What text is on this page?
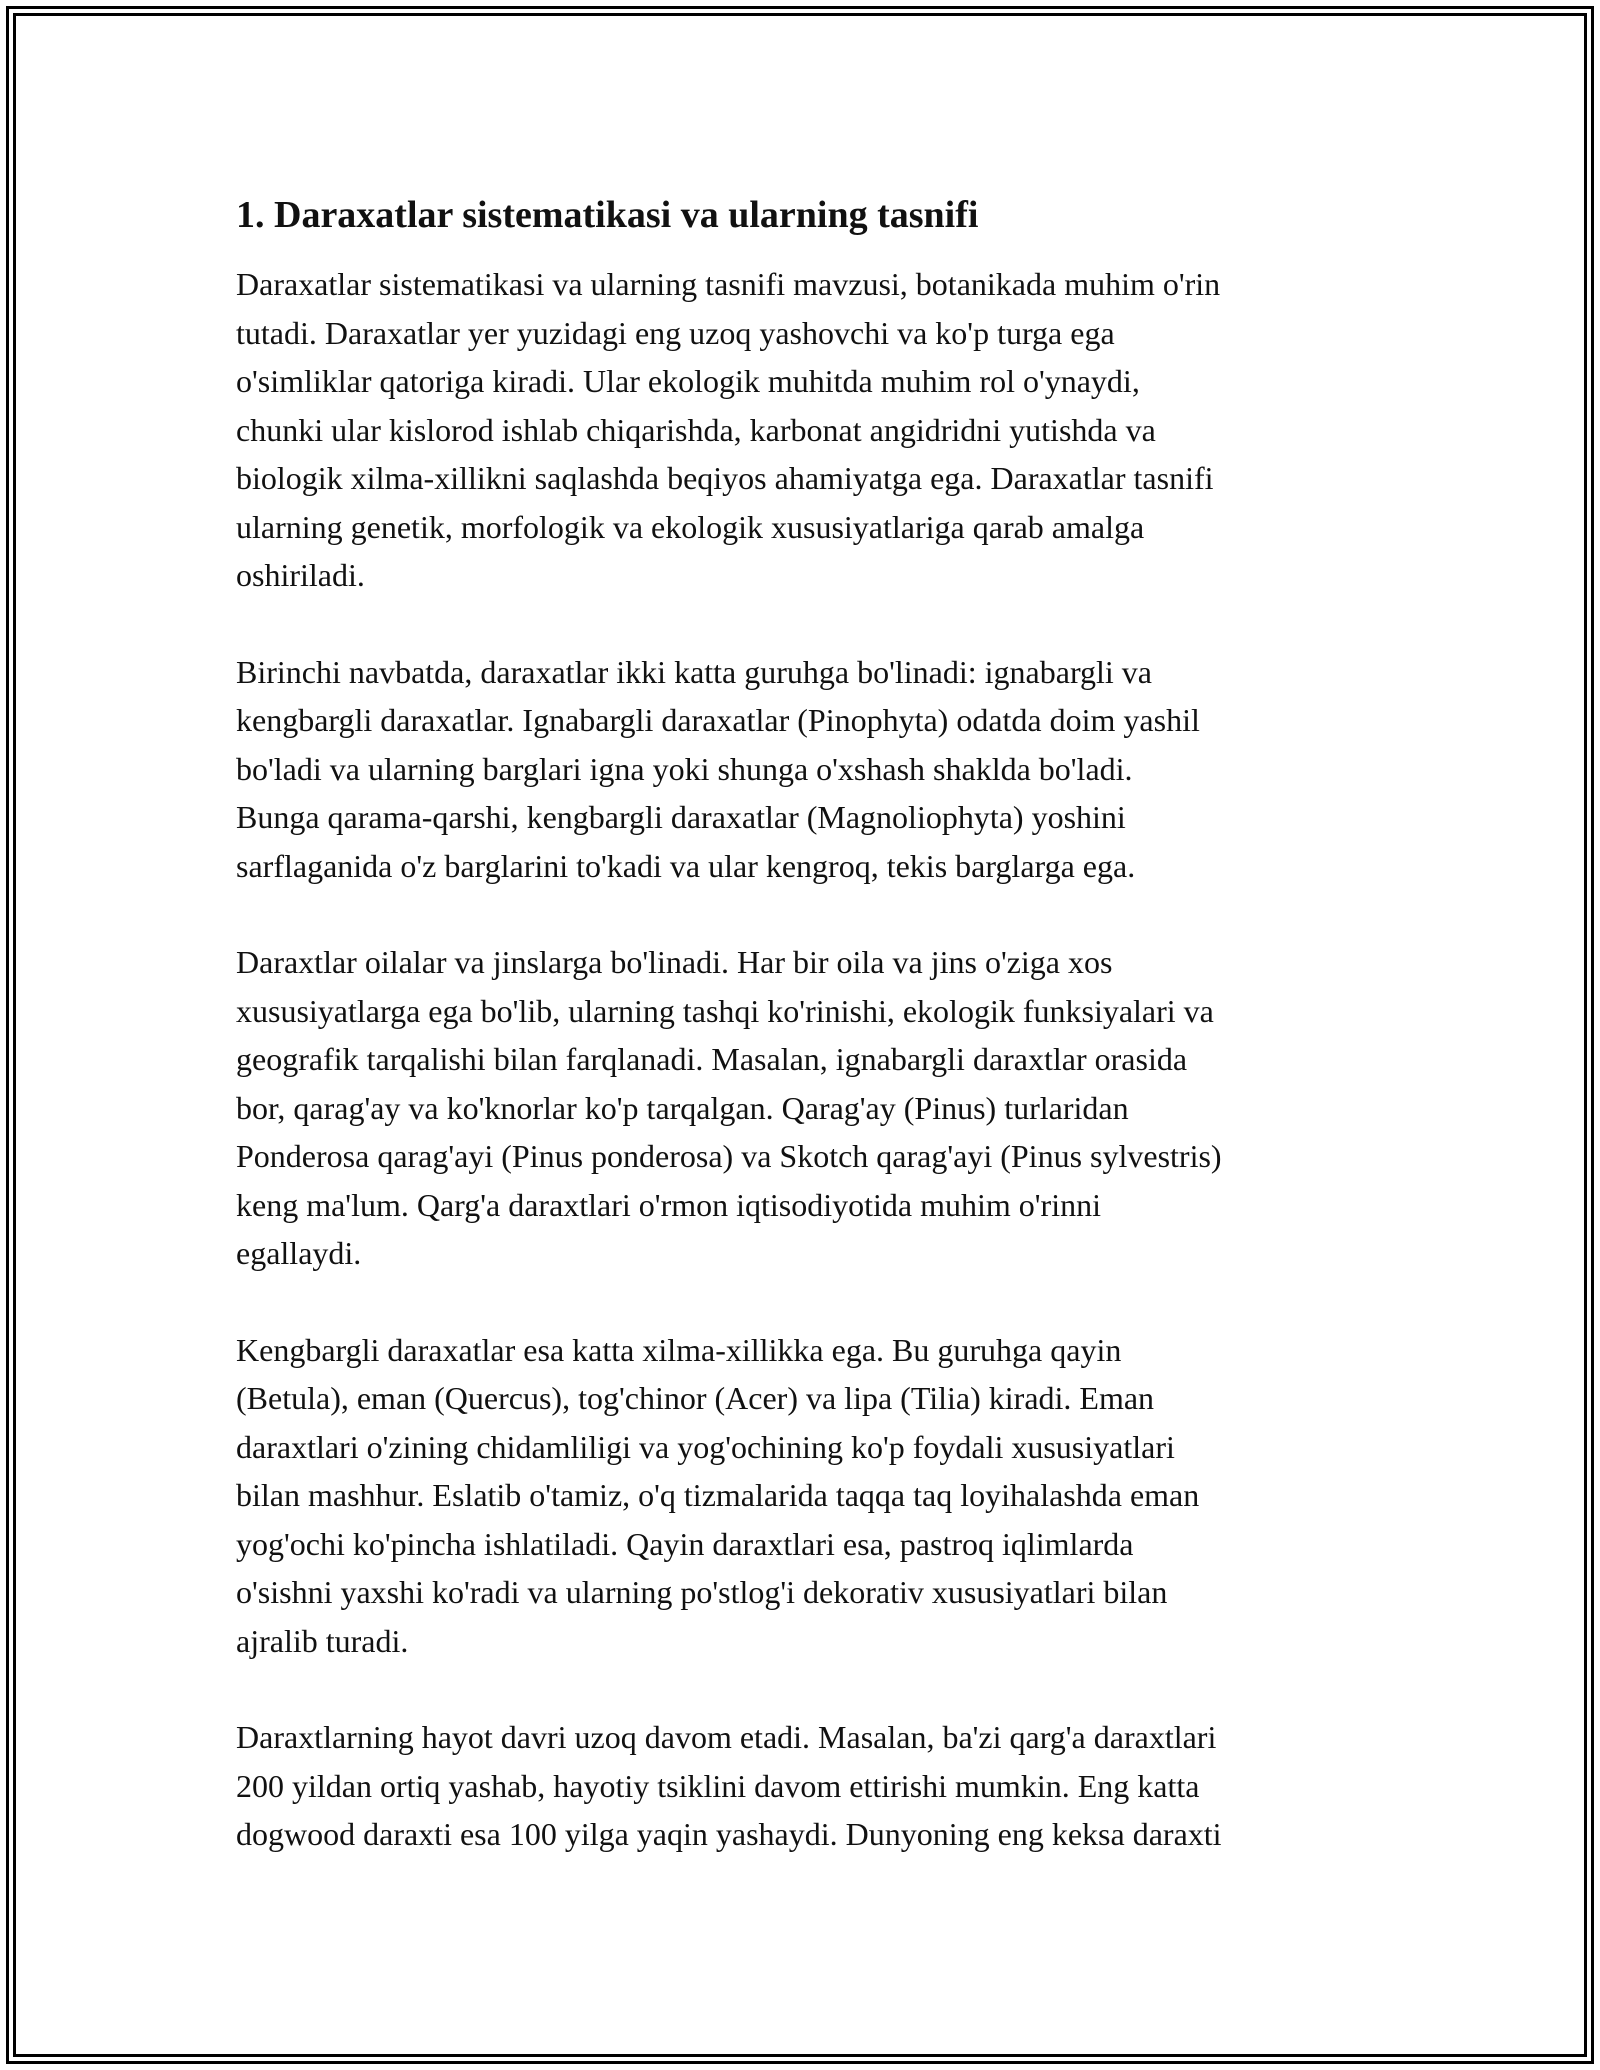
1. Daraxatlar sistematikasi va ularning tasnifi

Daraxatlar sistematikasi va ularning tasnifi mavzusi, botanikada muhim o'rin
tutadi. Daraxatlar yer yuzidagi eng uzoq yashovchi va ko'p turga ega
o'simliklar qatoriga kiradi. Ular ekologik muhitda muhim rol o'ynaydi,
chunki ular kislorod ishlab chiqarishda, karbonat angidridni yutishda va
biologik xilma-xillikni saqlashda beqiyos ahamiyatga ega. Daraxatlar tasnifi
ularning genetik, morfologik va ekologik xususiyatlariga qarab amalga
oshiriladi.

Birinchi navbatda, daraxatlar ikki katta guruhga bo'linadi: ignabargli va
kengbargli daraxatlar. Ignabargli daraxatlar (Pinophyta) odatda doim yashil
bo'ladi va ularning barglari igna yoki shunga o'xshash shaklda bo'ladi.
Bunga qarama-qarshi, kengbargli daraxatlar (Magnoliophyta) yoshini
sarflaganida o'z barglarini to'kadi va ular kengroq, tekis barglarga ega.

Daraxtlar oilalar va jinslarga bo'linadi. Har bir oila va jins o'ziga xos
xususiyatlarga ega bo'lib, ularning tashqi ko'rinishi, ekologik funksiyalari va
geografik tarqalishi bilan farqlanadi. Masalan, ignabargli daraxtlar orasida
bor, qarag'ay va ko'knorlar ko'p tarqalgan. Qarag'ay (Pinus) turlaridan
Ponderosa qarag'ayi (Pinus ponderosa) va Skotch qarag'ayi (Pinus sylvestris)
keng ma'lum. Qarg'a daraxtlari o'rmon iqtisodiyotida muhim o'rinni
egallaydi.

Kengbargli daraxatlar esa katta xilma-xillikka ega. Bu guruhga qayin
(Betula), eman (Quercus), tog'chinor (Acer) va lipa (Tilia) kiradi. Eman
daraxtlari o'zining chidamliligi va yog'ochining ko'p foydali xususiyatlari
bilan mashhur. Eslatib o'tamiz, o'q tizmalarida taqqa taq loyihalashda eman
yog'ochi ko'pincha ishlatiladi. Qayin daraxtlari esa, pastroq iqlimlarda
o'sishni yaxshi ko'radi va ularning po'stlog'i dekorativ xususiyatlari bilan
ajralib turadi.

Daraxtlarning hayot davri uzoq davom etadi. Masalan, ba'zi qarg'a daraxtlari
200 yildan ortiq yashab, hayotiy tsiklini davom ettirishi mumkin. Eng katta
dogwood daraxti esa 100 yilga yaqin yashaydi. Dunyoning eng keksa daraxti
